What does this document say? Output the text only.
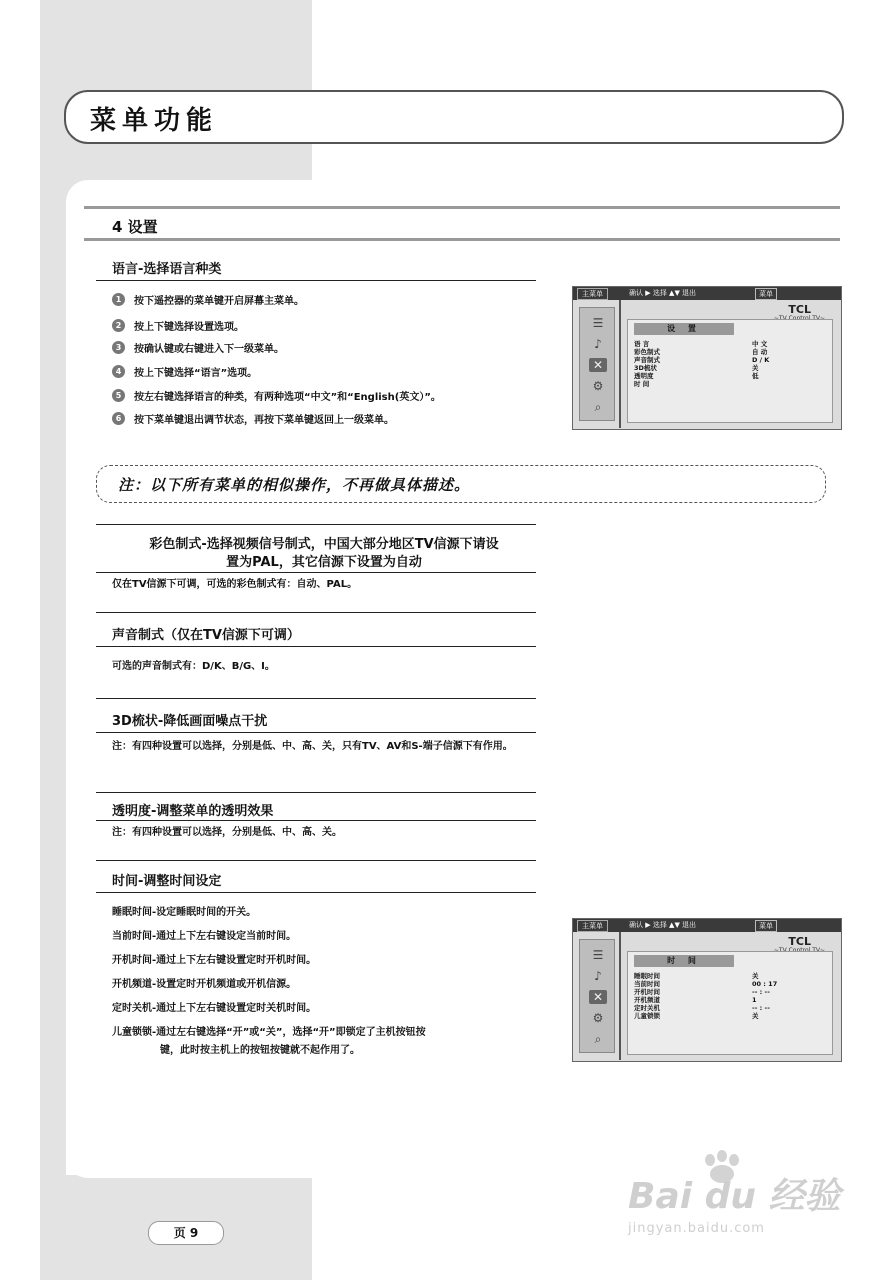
菜单功能
4 设置
语言-选择语言种类
1	按下遥控器的菜单键开启屏幕主菜单。
2	按上下键选择设置选项。
3	按确认键或右键进入下一级菜单。
4	按上下键选择“语言”选项。
5	按左右键选择语言的种类，有两种选项“中文”和“English(英文）”。
6	按下菜单键退出调节状态，再按下菜单键返回上一级菜单。
主菜单	确认 ▶ 选择 ▲▼ 退出	菜单
TCL
☰
♪
✕
⚙
⌕
设 置
语 言	中 文
彩色制式	自 动
声音制式	D / K
3D梳状	关
透明度	低
时 间
注：以下所有菜单的相似操作，不再做具体描述。
彩色制式-选择视频信号制式，中国大部分地区TV信源下请设
置为PAL，其它信源下设置为自动
仅在TV信源下可调，可选的彩色制式有：自动、PAL。
声音制式（仅在TV信源下可调）
可选的声音制式有：D/K、B/G、I。
3D梳状-降低画面噪点干扰
注：有四种设置可以选择，分别是低、中、高、关，只有TV、AV和S-端子信源下有作用。
透明度-调整菜单的透明效果
注：有四种设置可以选择，分别是低、中、高、关。
时间-调整时间设定
睡眠时间-设定睡眠时间的开关。
当前时间-通过上下左右键设定当前时间。
开机时间-通过上下左右键设置定时开机时间。
开机频道-设置定时开机频道或开机信源。
定时关机-通过上下左右键设置定时关机时间。
儿童锁锁-通过左右键选择“开”或“关”，选择“开”即锁定了主机按钮按
键，此时按主机上的按钮按键就不起作用了。
主菜单	确认 ▶ 选择 ▲▼ 退出	菜单
TCL
☰
♪
✕
⚙
⌕
时 间
睡眠时间	关
当前时间	00 : 17
开机时间	-- : --
开机频道	1
定时关机	-- : --
儿童锁锁	关
页 9
Bai du 经验
jingyan.baidu.com
